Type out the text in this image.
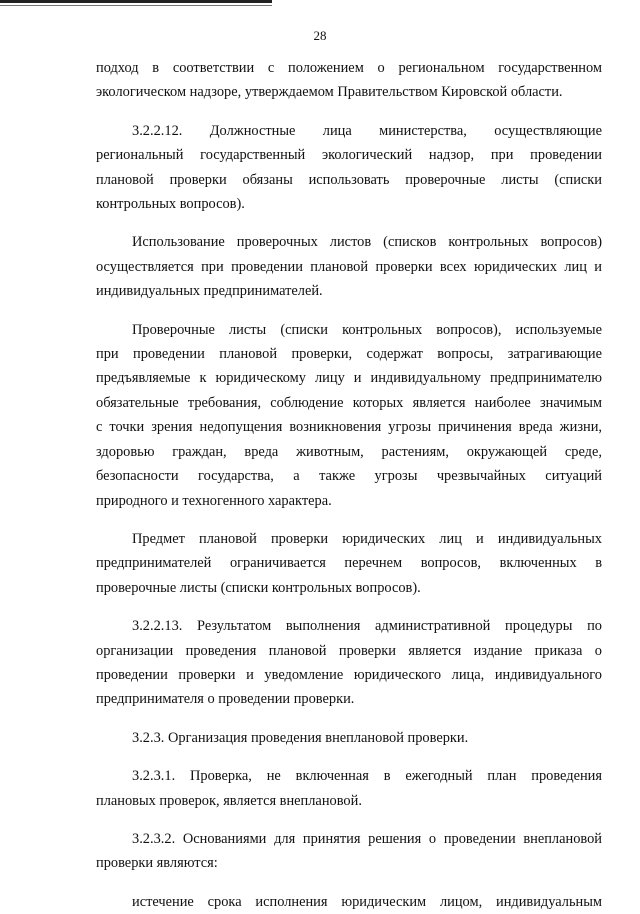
28
подход в соответствии с положением о региональном государственном
экологическом надзоре, утверждаемом Правительством Кировской области.
3.2.2.12. Должностные лица министерства, осуществляющие
региональный государственный экологический надзор, при проведении
плановой проверки обязаны использовать проверочные листы (списки
контрольных вопросов).
Использование проверочных листов (списков контрольных вопросов)
осуществляется при проведении плановой проверки всех юридических лиц и
индивидуальных предпринимателей.
Проверочные листы (списки контрольных вопросов), используемые
при проведении плановой проверки, содержат вопросы, затрагивающие
предъявляемые к юридическому лицу и индивидуальному предпринимателю
обязательные требования, соблюдение которых является наиболее значимым
с точки зрения недопущения возникновения угрозы причинения вреда жизни,
здоровью граждан, вреда животным, растениям, окружающей среде,
безопасности государства, а также угрозы чрезвычайных ситуаций
природного и техногенного характера.
Предмет плановой проверки юридических лиц и индивидуальных
предпринимателей ограничивается перечнем вопросов, включенных в
проверочные листы (списки контрольных вопросов).
3.2.2.13. Результатом выполнения административной процедуры по
организации проведения плановой проверки является издание приказа о
проведении проверки и уведомление юридического лица, индивидуального
предпринимателя о проведении проверки.
3.2.3. Организация проведения внеплановой проверки.
3.2.3.1. Проверка, не включенная в ежегодный план проведения
плановых проверок, является внеплановой.
3.2.3.2. Основаниями для принятия решения о проведении внеплановой
проверки являются:
истечение срока исполнения юридическим лицом, индивидуальным
